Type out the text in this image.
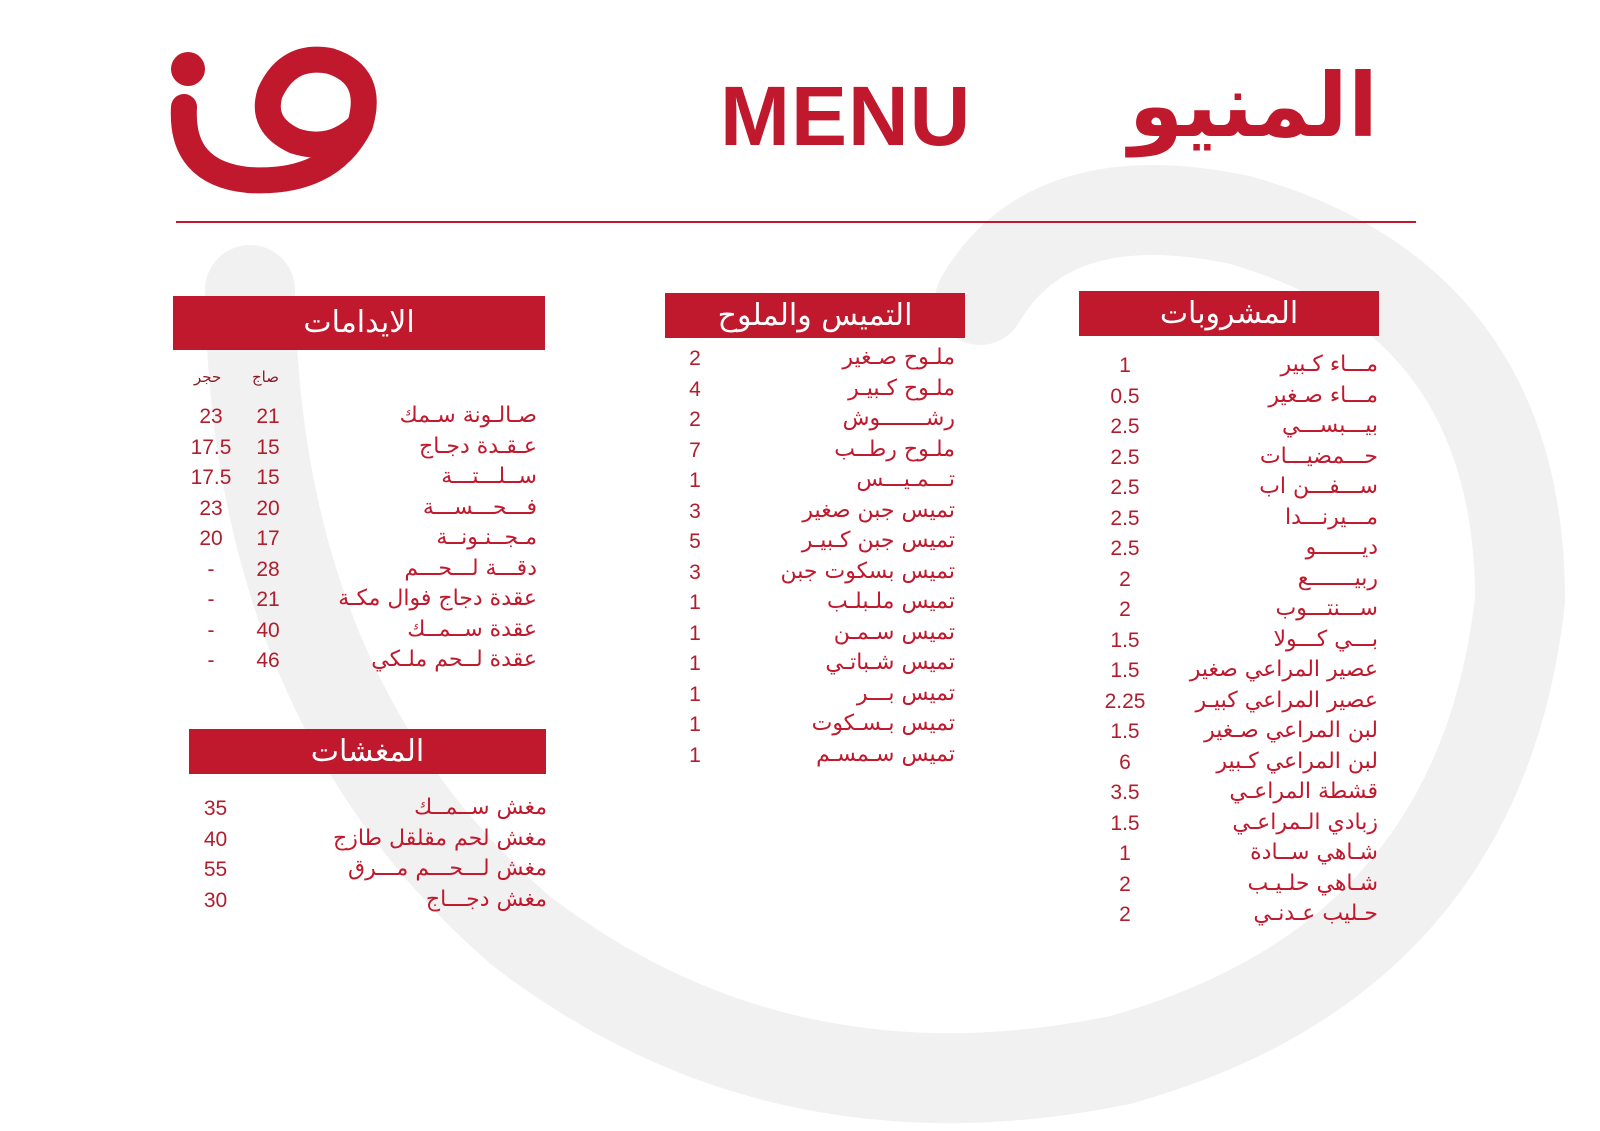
MENU المنيو
المشروبات
مـــاء كـبير
1
مـــاء صـغير
0.5
بيـــبســـي
2.5
حـــمضيـــات
2.5
ســـفـــن اب
2.5
مـــيرنـــدا
2.5
ديـــــــو
2.5
ربيـــــــع
2
ســـنتـــوب
2
بـــي كـــولا
1.5
عصير المراعي صغير
1.5
عصير المراعي كبيـر
2.25
لبن المراعي صـغير
1.5
لبن المراعي كـبير
6
قشطة المراعـي
3.5
زبادي الـمراعـي
1.5
شـاهي ســادة
1
شـاهي حلـيـب
2
حـليب عـدنـي
2
التميس والملوح
ملـوح صـغير
2
ملـوح كـبيـر
4
رشـــــــوش
2
ملـوح رطــب
7
تـــمـيـــس
1
تميس جبن صغير
3
تميس جبن كـبيـر
5
تميس بسكوت جبن
3
تميس ملـبلـب
1
تميس سـمـن
1
تميس شـباتـي
1
تميس بـــر
1
تميس بـسـكوت
1
تميس سـمسـم
1
الايدامات
حجر صاج
صـالـونة سـمك
21
23
عـقـدة دجـاج
15
17.5
ســلـــتـــة
15
17.5
فـــحـــســـة
20
23
مـجــنـونــة
17
20
دقـــة لـــحـــم
28
-
عقدة دجاج فوال مكـة
21
-
عقدة ســمــك
40
-
عقدة لــحم ملـكي
46
-
المغشات
مغش ســمــك
35
مغش لحم مقلقل طازج
40
مغش لـــحـــم مـــرق
55
مغش دجـــاج
30
